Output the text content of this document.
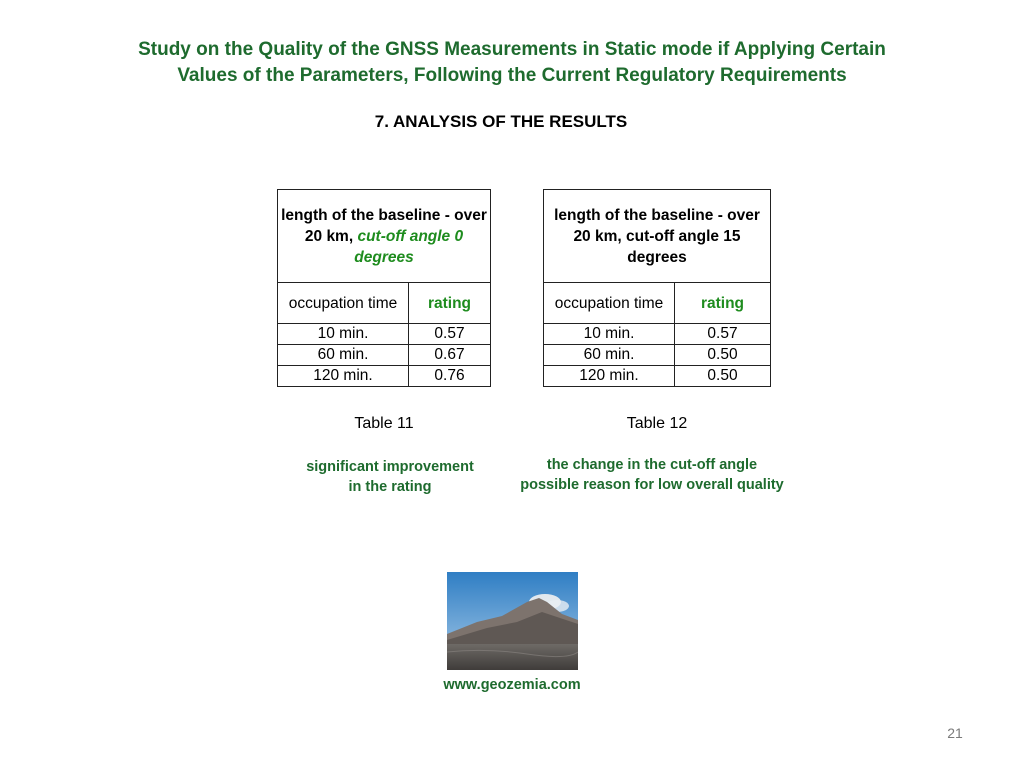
Study on the Quality of the GNSS Measurements in Static mode if Applying Certain
Values of the Parameters, Following the Current Regulatory Requirements
7. ANALYSIS OF THE RESULTS
length of the baseline - over 20 km, cut-off angle 0 degrees	
occupation time	rating
10 min.	0.57
60 min.	0.67
120 min.	0.76
length of the baseline - over 20 km, cut-off angle 15 degrees	
occupation time	rating
10 min.	0.57
60 min.	0.50
120 min.	0.50
Table 11	Table 12
significant improvement
in the rating
the change in the cut-off angle
possible reason for low overall quality
www.geozemia.com
21
